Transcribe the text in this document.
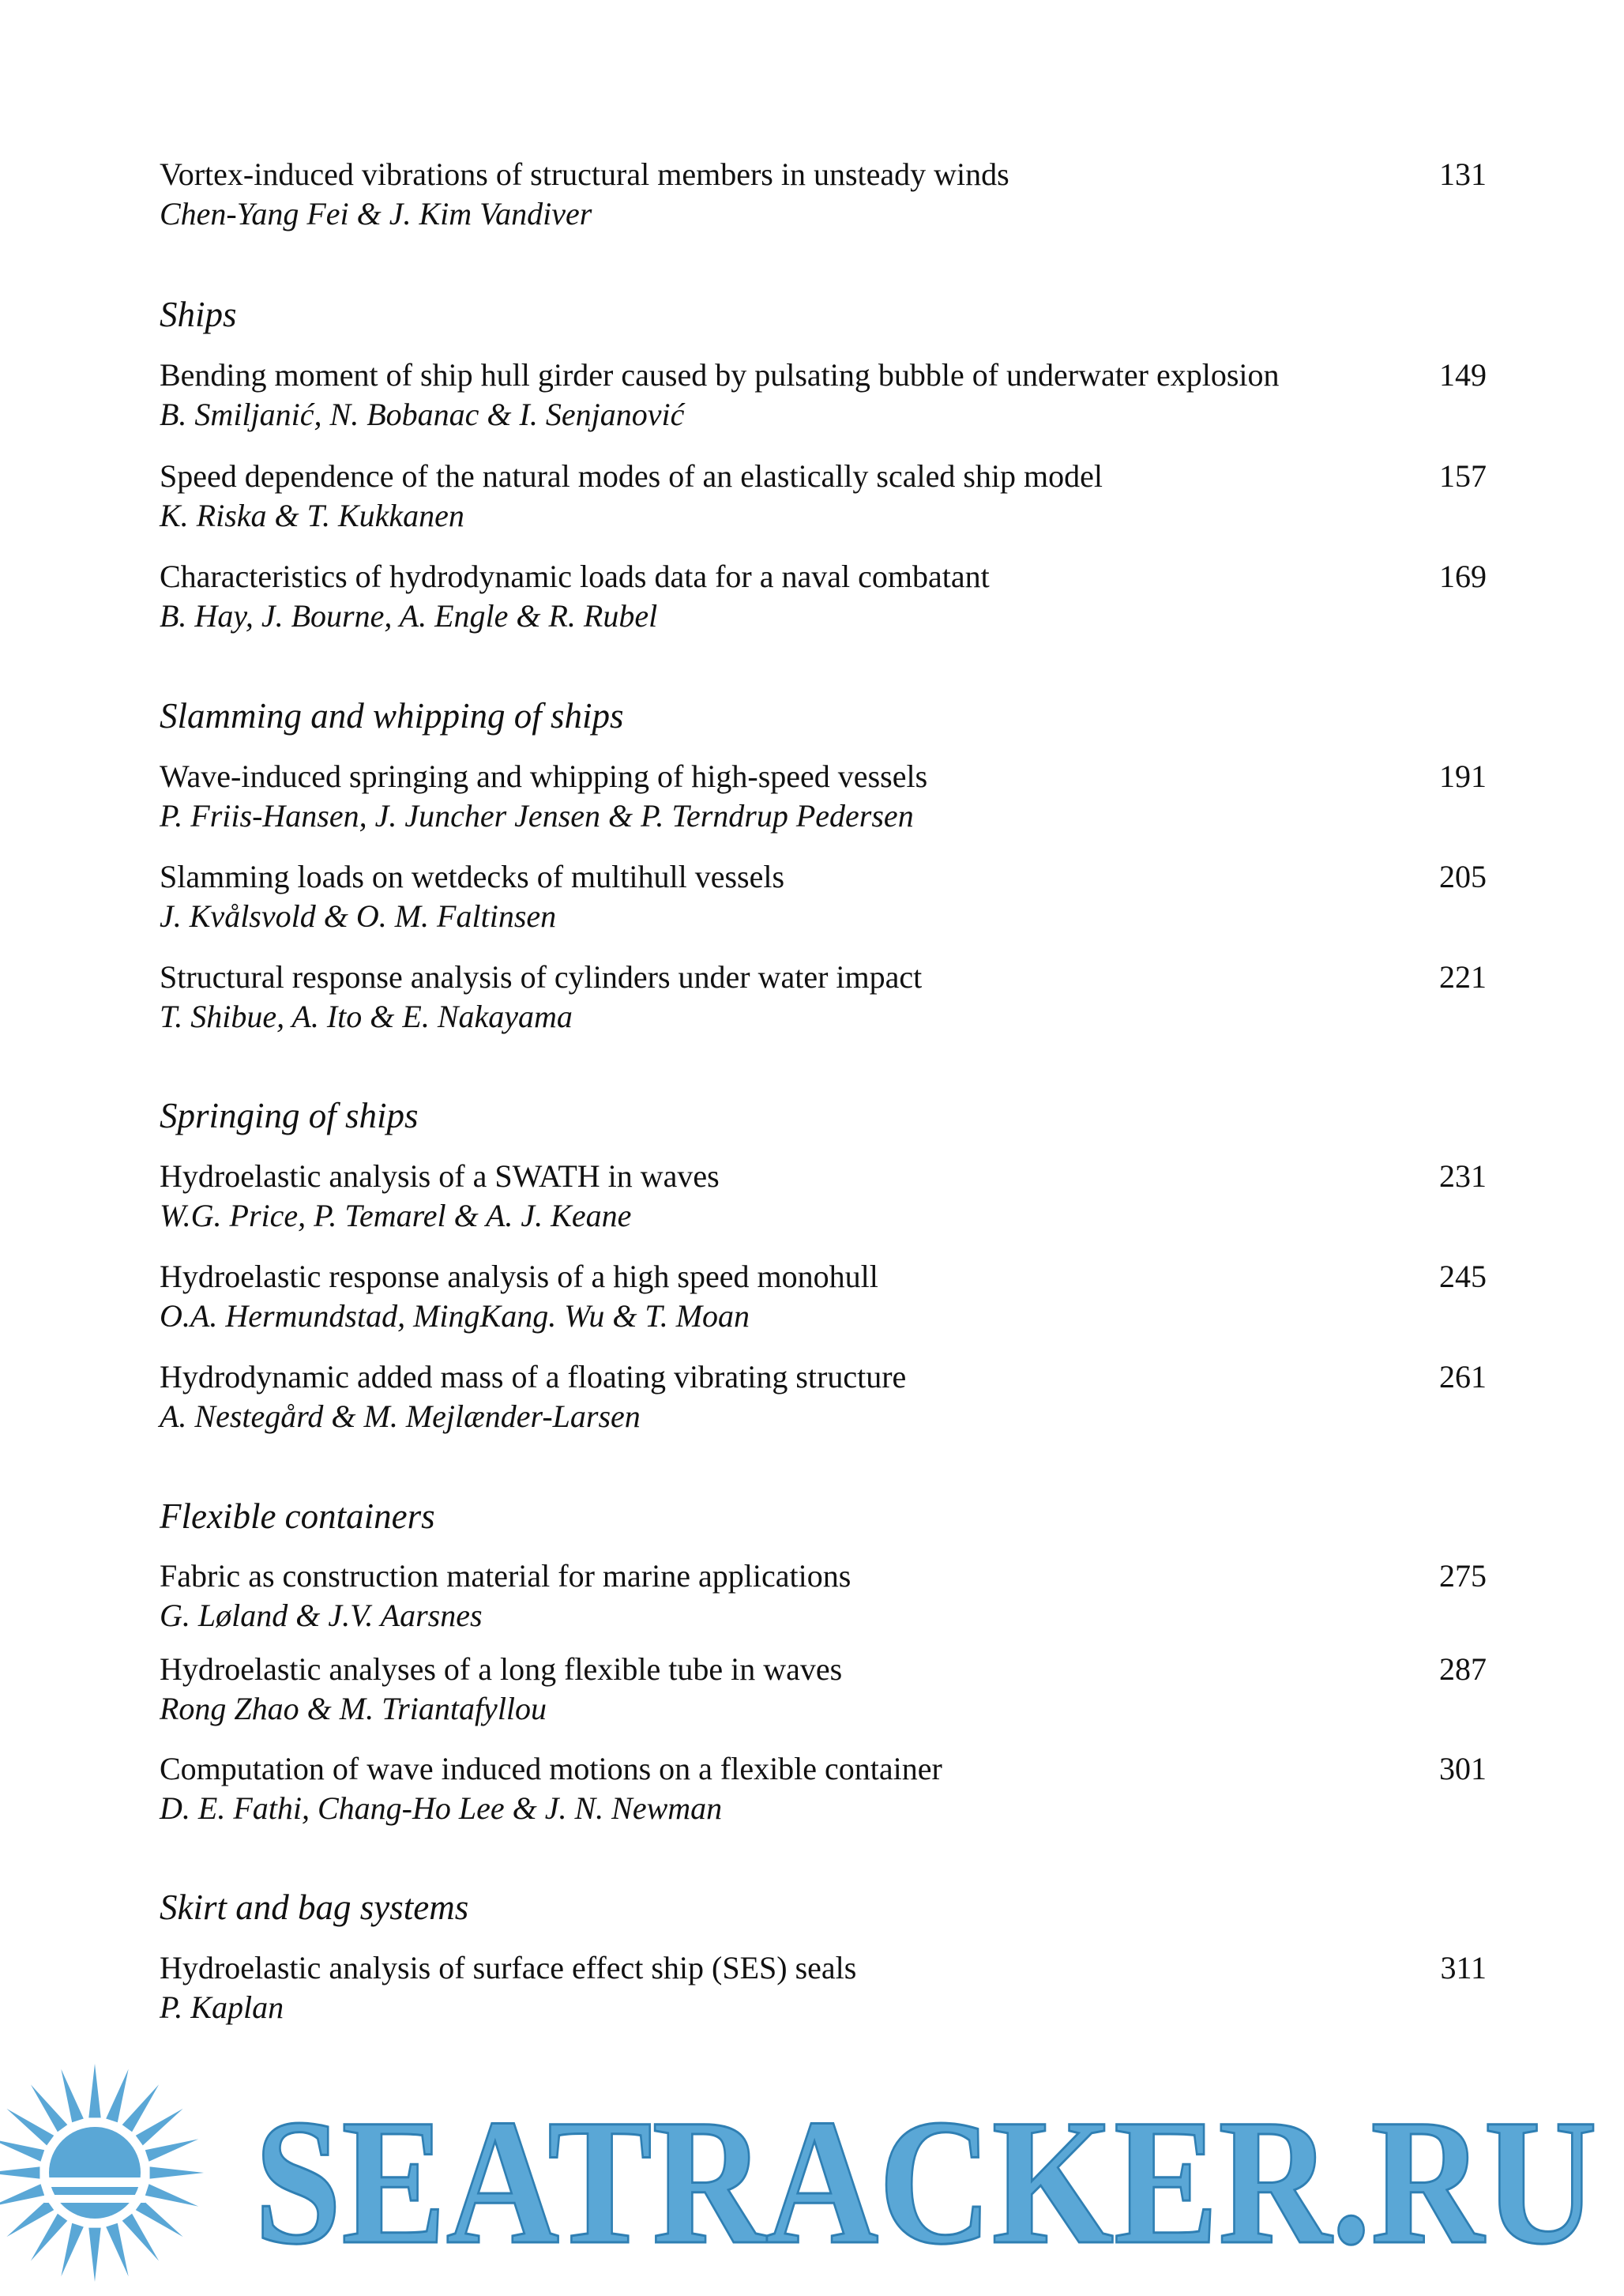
Vortex-induced vibrations of structural members in unsteady winds	131
Chen-Yang Fei & J. Kim Vandiver
Ships
Bending moment of ship hull girder caused by pulsating bubble of underwater explosion	149
B. Smiljanić, N. Bobanac & I. Senjanović
Speed dependence of the natural modes of an elastically scaled ship model	157
K. Riska & T. Kukkanen
Characteristics of hydrodynamic loads data for a naval combatant	169
B. Hay, J. Bourne, A. Engle & R. Rubel
Slamming and whipping of ships
Wave-induced springing and whipping of high-speed vessels	191
P. Friis-Hansen, J. Juncher Jensen & P. Terndrup Pedersen
Slamming loads on wetdecks of multihull vessels	205
J. Kvålsvold & O. M. Faltinsen
Structural response analysis of cylinders under water impact	221
T. Shibue, A. Ito & E. Nakayama
Springing of ships
Hydroelastic analysis of a SWATH in waves	231
W.G. Price, P. Temarel & A. J. Keane
Hydroelastic response analysis of a high speed monohull	245
O.A. Hermundstad, MingKang. Wu & T. Moan
Hydrodynamic added mass of a floating vibrating structure	261
A. Nestegård & M. Mejlænder-Larsen
Flexible containers
Fabric as construction material for marine applications	275
G. Løland & J.V. Aarsnes
Hydroelastic analyses of a long flexible tube in waves	287
Rong Zhao & M. Triantafyllou
Computation of wave induced motions on a flexible container	301
D. E. Fathi, Chang-Ho Lee & J. N. Newman
Skirt and bag systems
Hydroelastic analysis of surface effect ship (SES) seals	311
P. Kaplan
VI
SEATRACKER.RU
